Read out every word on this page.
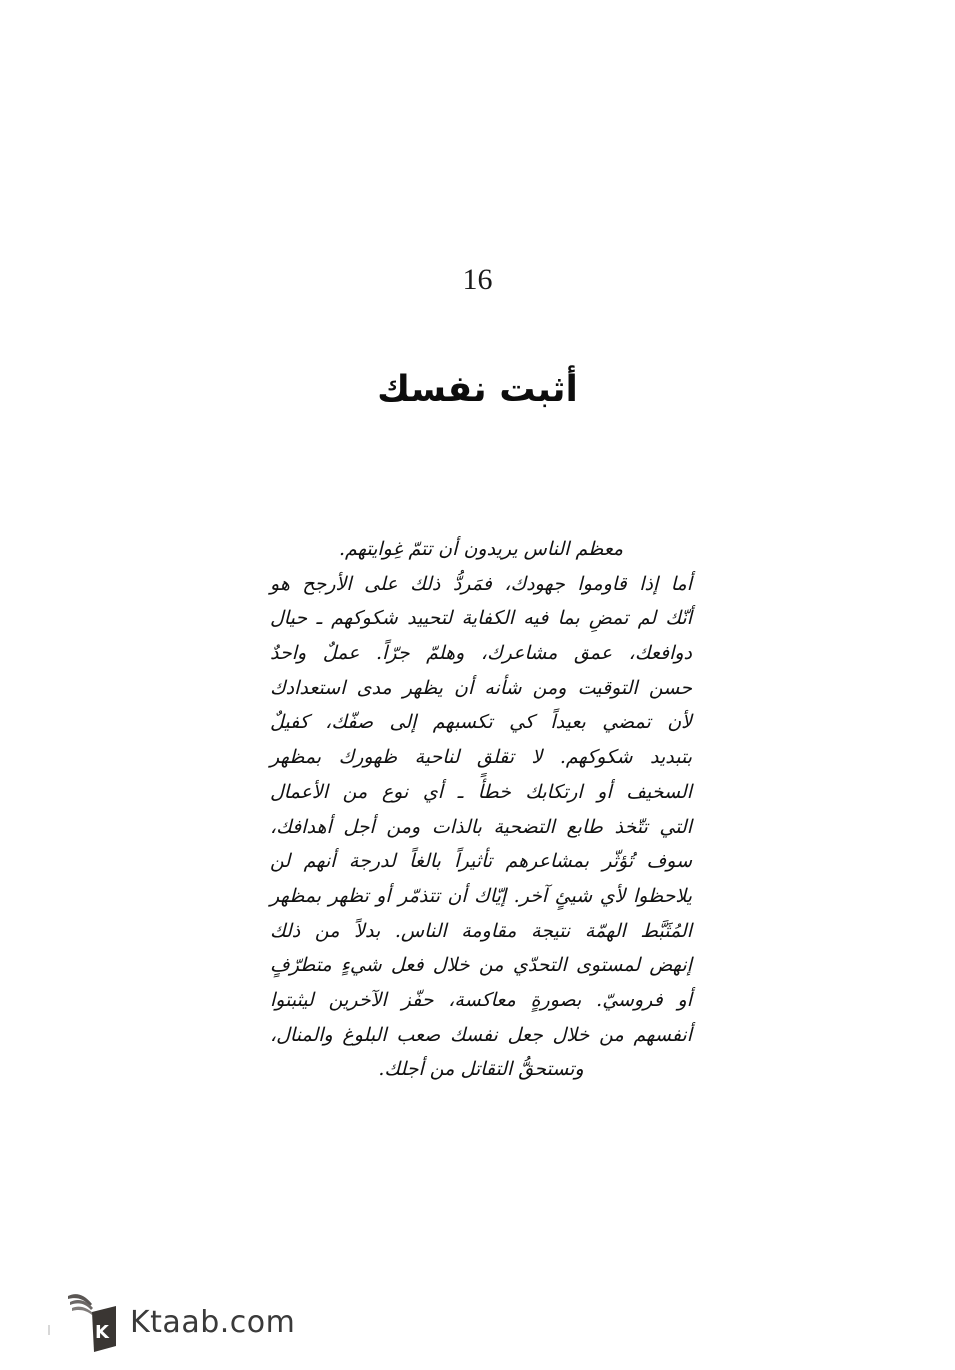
16
أثبت نفسك
معظم الناس يريدون أن تتمّ غِوايتهم.
أما إذا قاوموا جهودك، فمَردُّ ذلك على الأرجح هو
أنّك لم تمضِ بما فيه الكفاية لتحييد شكوكهم ـ حيال
دوافعك، عمق مشاعرك، وهلمّ جرّاً. عملٌ واحدٌ
حسن التوقيت ومن شأنه أن يظهر مدى استعدادك
لأن تمضي بعيداً كي تكسبهم إلى صفّك، كفيلٌ
بتبديد شكوكهم. لا تقلق لناحية ظهورك بمظهر
السخيف أو ارتكابك خطأً ـ أي نوع من الأعمال
التي تتّخذ طابع التضحية بالذات ومن أجل أهدافك،
سوف تُؤثّر بمشاعرهم تأثيراً بالغاً لدرجة أنهم لن
يلاحظوا لأي شيئٍ آخر. إيّاك أن تتذمّر أو تظهر بمظهر
المُثَبَّط الهمّة نتيجة مقاومة الناس. بدلاً من ذلك
إنهض لمستوى التحدّي من خلال فعل شيءٍ متطرّفٍ
أو فروسيّ. بصورةٍ معاكسة، حفّز الآخرين ليثبتوا
أنفسهم من خلال جعل نفسك صعب البلوغ والمنال،
وتستحقُّ التقاتل من أجلك.
K Ktaab.com
